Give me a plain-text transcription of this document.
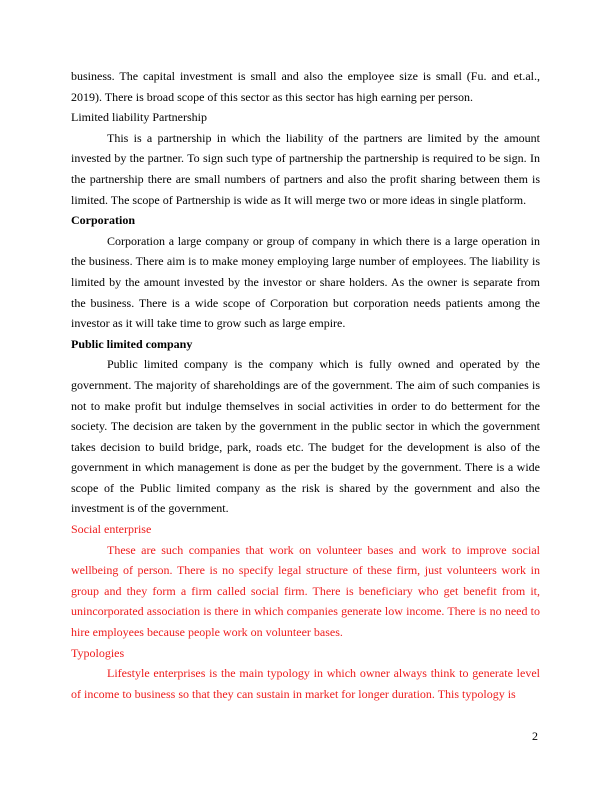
business. The capital investment is small and also the employee size is small (Fu. and et.al., 2019). There is broad scope of this sector as this sector has high earning per person.

Limited liability Partnership

This is a partnership in which the liability of the partners are limited by the amount invested by the partner. To sign such type of partnership the partnership is required to be sign. In the partnership there are small numbers of partners and also the profit sharing between them is limited. The scope of Partnership is wide as It will merge two or more ideas in single platform.

Corporation

Corporation a large company or group of company in which there is a large operation in the business. There aim is to make money employing large number of employees. The liability is limited by the amount invested by the investor or share holders. As the owner is separate from the business. There is a wide scope of Corporation but corporation needs patients among the investor as it will take time to grow such as large empire.

Public limited company

Public limited company is the company which is fully owned and operated by the government. The majority of shareholdings are of the government. The aim of such companies is not to make profit but indulge themselves in social activities in order to do betterment for the society. The decision are taken by the government in the public sector in which the government takes decision to build bridge, park, roads etc. The budget for the development is also of the government in which management is done as per the budget by the government. There is a wide scope of the Public limited company as the risk is shared by the government and also the investment is of the government.

Social enterprise

These are such companies that work on volunteer bases and work to improve social wellbeing of person. There is no specify legal structure of these firm, just volunteers work in group and they form a firm called social firm. There is beneficiary who get benefit from it, unincorporated association is there in which companies generate low income. There is no need to hire employees because people work on volunteer bases.

Typologies

Lifestyle enterprises is the main typology in which owner always think to generate level of income to business so that they can sustain in market for longer duration. This typology is

2
